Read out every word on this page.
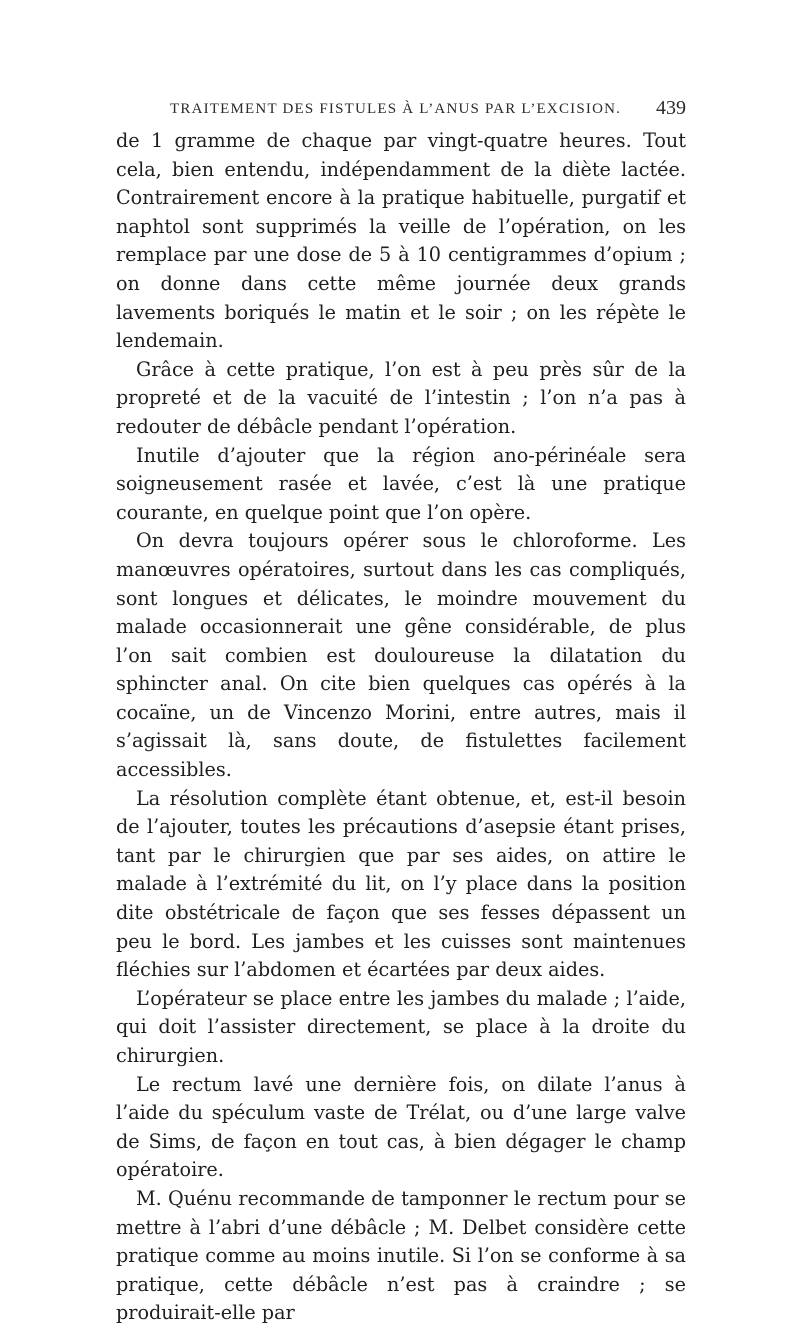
TRAITEMENT DES FISTULES À L’ANUS PAR L’EXCISION. 439

de 1 gramme de chaque par vingt-quatre heures. Tout cela, bien entendu, indépendamment de la diète lactée. Contrairement encore à la pratique habituelle, purgatif et naphtol sont supprimés la veille de l’opération, on les remplace par une dose de 5 à 10 centigrammes d’opium ; on donne dans cette même journée deux grands lavements boriqués le matin et le soir ; on les répète le lendemain.

Grâce à cette pratique, l’on est à peu près sûr de la propreté et de la vacuité de l’intestin ; l’on n’a pas à redouter de débâcle pendant l’opération.

Inutile d’ajouter que la région ano-périnéale sera soigneusement rasée et lavée, c’est là une pratique courante, en quelque point que l’on opère.

On devra toujours opérer sous le chloroforme. Les manœuvres opératoires, surtout dans les cas compliqués, sont longues et délicates, le moindre mouvement du malade occasionnerait une gêne considérable, de plus l’on sait combien est douloureuse la dilatation du sphincter anal. On cite bien quelques cas opérés à la cocaïne, un de Vincenzo Morini, entre autres, mais il s’agissait là, sans doute, de fistulettes facilement accessibles.

La résolution complète étant obtenue, et, est-il besoin de l’ajouter, toutes les précautions d’asepsie étant prises, tant par le chirurgien que par ses aides, on attire le malade à l’extrémité du lit, on l’y place dans la position dite obstétricale de façon que ses fesses dépassent un peu le bord. Les jambes et les cuisses sont maintenues fléchies sur l’abdomen et écartées par deux aides.

L’opérateur se place entre les jambes du malade ; l’aide, qui doit l’assister directement, se place à la droite du chirurgien.

Le rectum lavé une dernière fois, on dilate l’anus à l’aide du spéculum vaste de Trélat, ou d’une large valve de Sims, de façon en tout cas, à bien dégager le champ opératoire.

M. Quénu recommande de tamponner le rectum pour se mettre à l’abri d’une débâcle ; M. Delbet considère cette pratique comme au moins inutile. Si l’on se conforme à sa pratique, cette débâcle n’est pas à craindre ; se produirait-elle par
